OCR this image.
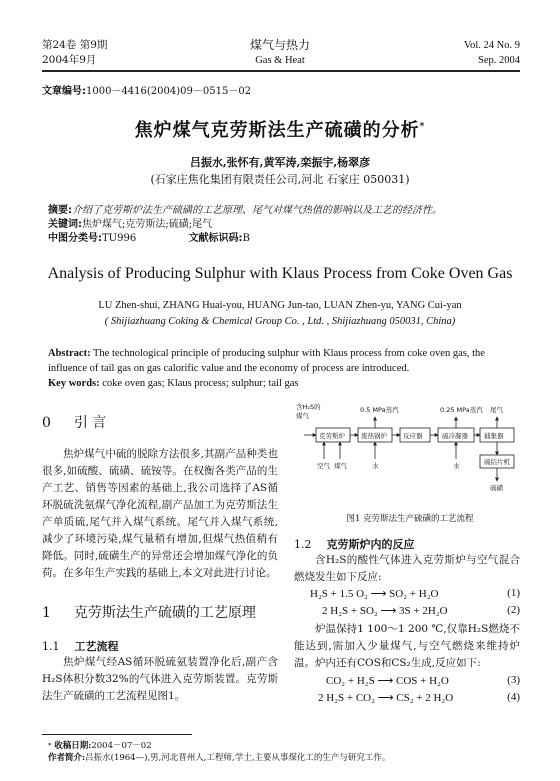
第24卷 第9期
2004年9月
煤气与热力
Gas & Heat
Vol. 24 No. 9
Sep. 2004
文章编号:1000－4416(2004)09－0515－02
焦炉煤气克劳斯法生产硫磺的分析*
吕振水,张怀有,黄军涛,栾振宇,杨翠彦
(石家庄焦化集团有限责任公司,河北 石家庄 050031)
摘要:介绍了克劳斯炉法生产硫磺的工艺原理、尾气对煤气热值的影响以及工艺的经济性。
关键词:焦炉煤气;克劳斯法;硫磺;尾气
中图分类号:TU996	文献标识码:B
Analysis of Producing Sulphur with Klaus Process from Coke Oven Gas
LU Zhen-shui, ZHANG Huai-you, HUANG Jun-tao, LUAN Zhen-yu, YANG Cui-yan
( Shijiazhuang Coking & Chemical Group Co. , Ltd. , Shijiazhuang 050031, China)
Abstract: The technological principle of producing sulphur with Klaus process from coke oven gas, the influence of tail gas on gas calorific value and the economy of process are introduced.
Key words: coke oven gas; Klaus process; sulphur; tail gas
0 引 言

焦炉煤气中硫的脱除方法很多,其副产品种类也很多,如硫酸、硫磺、硫铵等。在权衡各类产品的生产工艺、销售等因素的基础上,我公司选择了AS循环脱硫洗氨煤气净化流程,副产品加工为克劳斯法生产单质硫,尾气并入煤气系统。尾气并入煤气系统,减少了环境污染,煤气量稍有增加,但煤气热值稍有降低。同时,硫磺生产的异常还会增加煤气净化的负荷。在多年生产实践的基础上,本文对此进行讨论。

1 克劳斯法生产硫磺的工艺原理
1.1 工艺流程

焦炉煤气经AS循环脱硫氨装置净化后,副产含H₂S体积分数32%的气体进入克劳斯装置。克劳斯法生产硫磺的工艺流程见图1。

含H₂S的
煤气
0.5 MPa蒸汽	0.25 MPa蒸汽 尾气
克劳斯炉 废热锅炉 反应器	硫冷凝器 捕集器
硫结片机
空气 煤气	水	水
硫磺
图1 克劳斯法生产硫磺的工艺流程
1.2 克劳斯炉内的反应

含H₂S的酸性气体进入克劳斯炉与空气混合燃烧发生如下反应:

H₂S + 1.5 O₂ ⟶ SO₂ + H₂O	(1)
2 H₂S + SO₂ ⟶ 3S + 2H₂O	(2)

炉温保持1 100～1 200 ℃,仅靠H₂S燃烧不能达到,需加入少量煤气,与空气燃烧来维持炉温。 炉内还有COS和CS₂生成,反应如下:

CO₂ + H₂S ⟶ COS + H₂O	(3)
2 H₂S + CO₂ ⟶ CS₂ + 2 H₂O	(4)
* 收稿日期:2004－07－02
作者简介:吕振水(1964—),男,河北晋州人,工程师,学士,主要从事煤化工的生产与研究工作。
